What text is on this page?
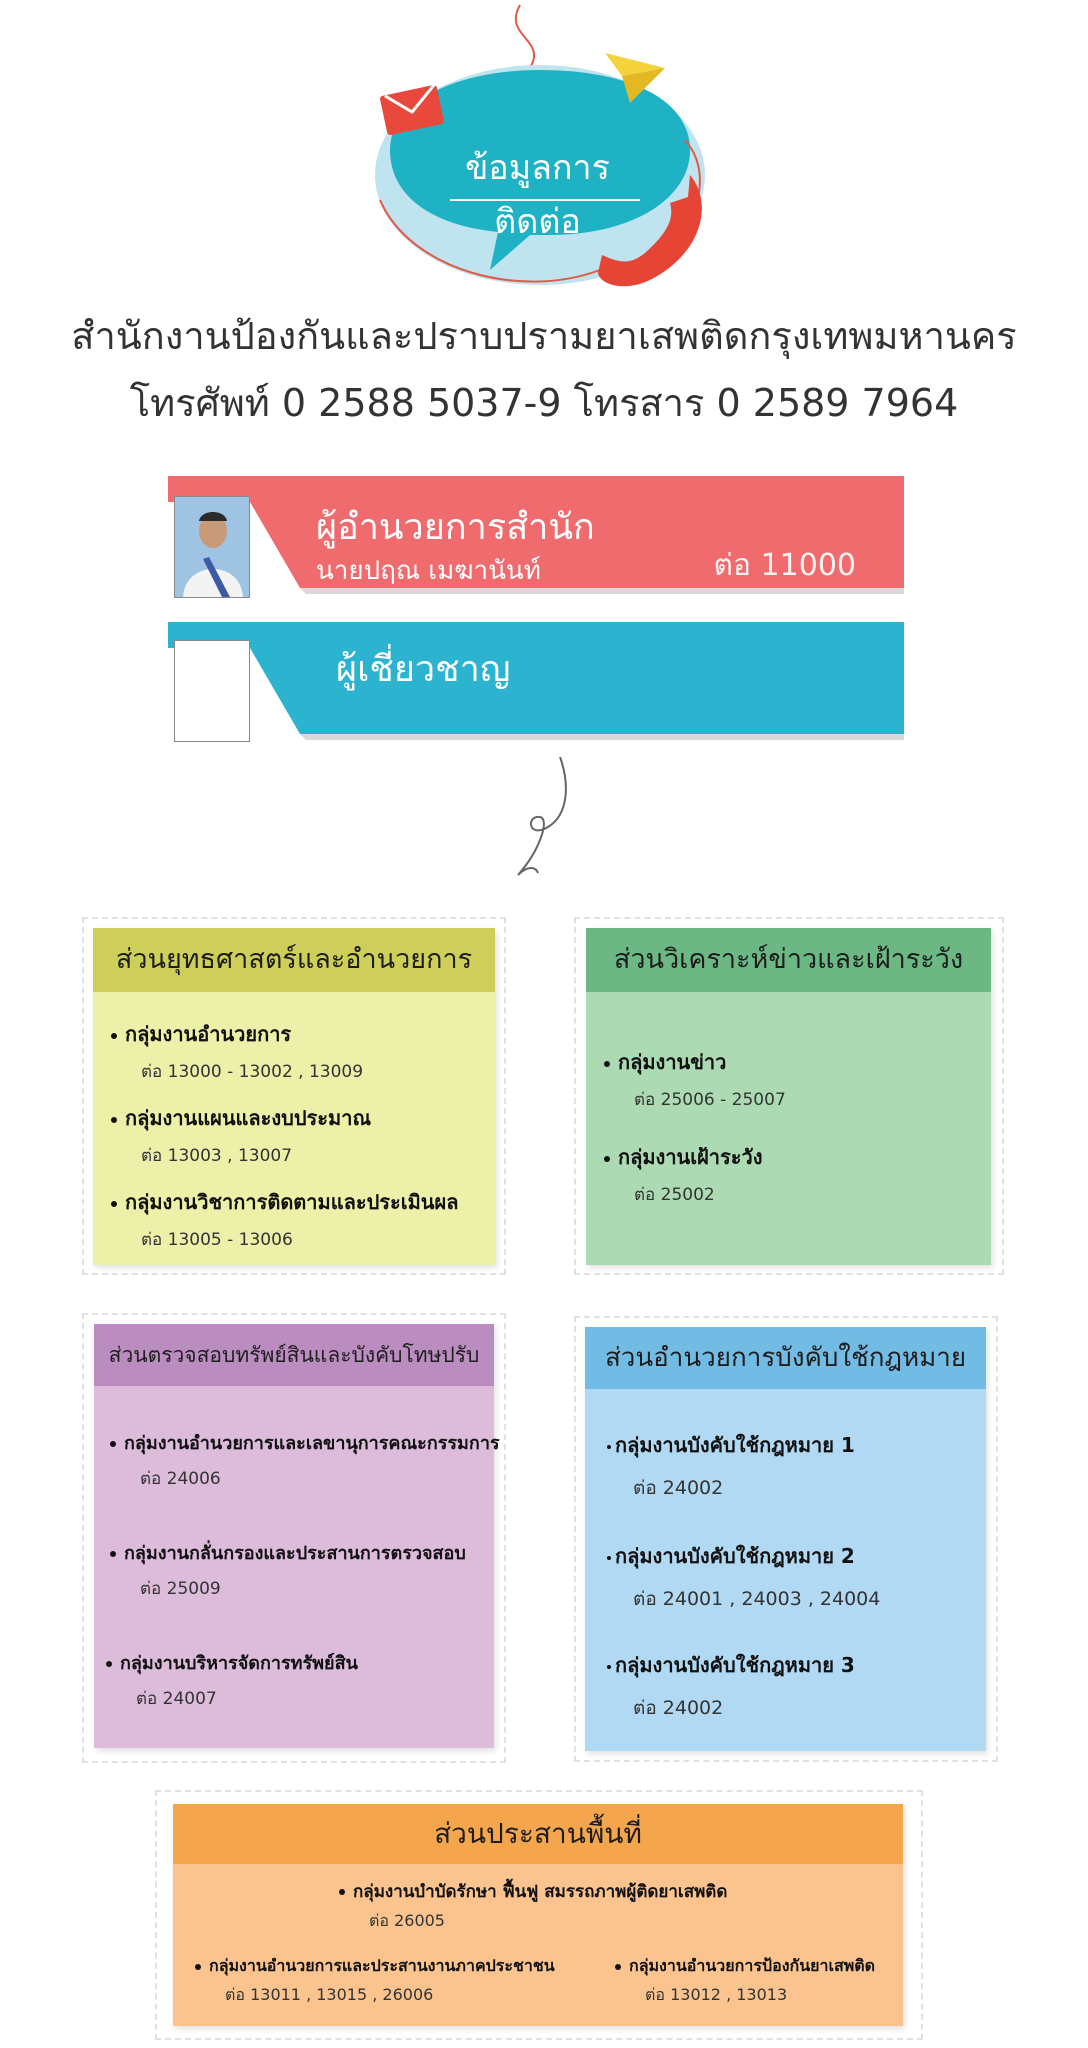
ข้อมูลการติดต่อ
สำนักงานป้องกันและปราบปรามยาเสพติดกรุงเทพมหานคร
โทรศัพท์ 0 2588 5037-9 โทรสาร 0 2589 7964
ผู้อำนวยการสำนัก
นายปฤณ เมฆานันท์	ต่อ 11000
ผู้เชี่ยวชาญ
ส่วนยุทธศาสตร์และอำนวยการ
กลุ่มงานอำนวยการ
ต่อ 13000 - 13002 , 13009
กลุ่มงานแผนและงบประมาณ
ต่อ 13003 , 13007
กลุ่มงานวิชาการติดตามและประเมินผล
ต่อ 13005 - 13006
ส่วนวิเคราะห์ข่าวและเฝ้าระวัง
กลุ่มงานข่าว
ต่อ 25006 - 25007
กลุ่มงานเฝ้าระวัง
ต่อ 25002
ส่วนตรวจสอบทรัพย์สินและบังคับโทษปรับ
กลุ่มงานอำนวยการและเลขานุการคณะกรรมการ
ต่อ 24006
กลุ่มงานกลั่นกรองและประสานการตรวจสอบ
ต่อ 25009
กลุ่มงานบริหารจัดการทรัพย์สิน
ต่อ 24007
ส่วนอำนวยการบังคับใช้กฎหมาย
กลุ่มงานบังคับใช้กฎหมาย 1
ต่อ 24002
กลุ่มงานบังคับใช้กฎหมาย 2
ต่อ 24001 , 24003 , 24004
กลุ่มงานบังคับใช้กฎหมาย 3
ต่อ 24002
ส่วนประสานพื้นที่
กลุ่มงานบำบัดรักษา ฟื้นฟู สมรรถภาพผู้ติดยาเสพติด
ต่อ 26005
กลุ่มงานอำนวยการและประสานงานภาคประชาชน
ต่อ 13011 , 13015 , 26006
กลุ่มงานอำนวยการป้องกันยาเสพติด
ต่อ 13012 , 13013
